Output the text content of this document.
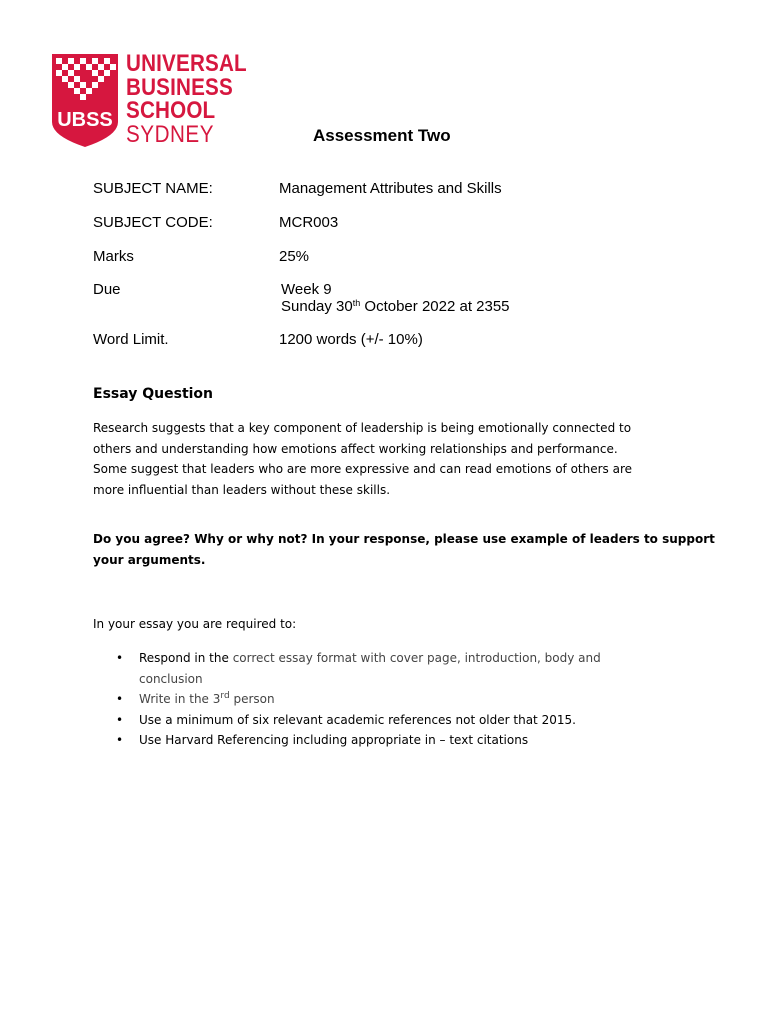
UBSS
UNIVERSAL
BUSINESS
SCHOOL
SYDNEY	Assessment Two
SUBJECT NAME:	Management Attributes and Skills
SUBJECT CODE:	MCR003
Marks	25%
Due	Week 9
Sunday 30th October 2022 at 2355
Word Limit.	1200 words (+/- 10%)
Essay Question
Research suggests that a key component of leadership is being emotionally connected to
others and understanding how emotions affect working relationships and performance.
Some suggest that leaders who are more expressive and can read emotions of others are
more influential than leaders without these skills.
Do you agree? Why or why not? In your response, please use example of leaders to support
your arguments.
In your essay you are required to:
• Respond in the correct essay format with cover page, introduction, body and
conclusion
• Write in the 3rd person
• Use a minimum of six relevant academic references not older that 2015.
• Use Harvard Referencing including appropriate in – text citations
